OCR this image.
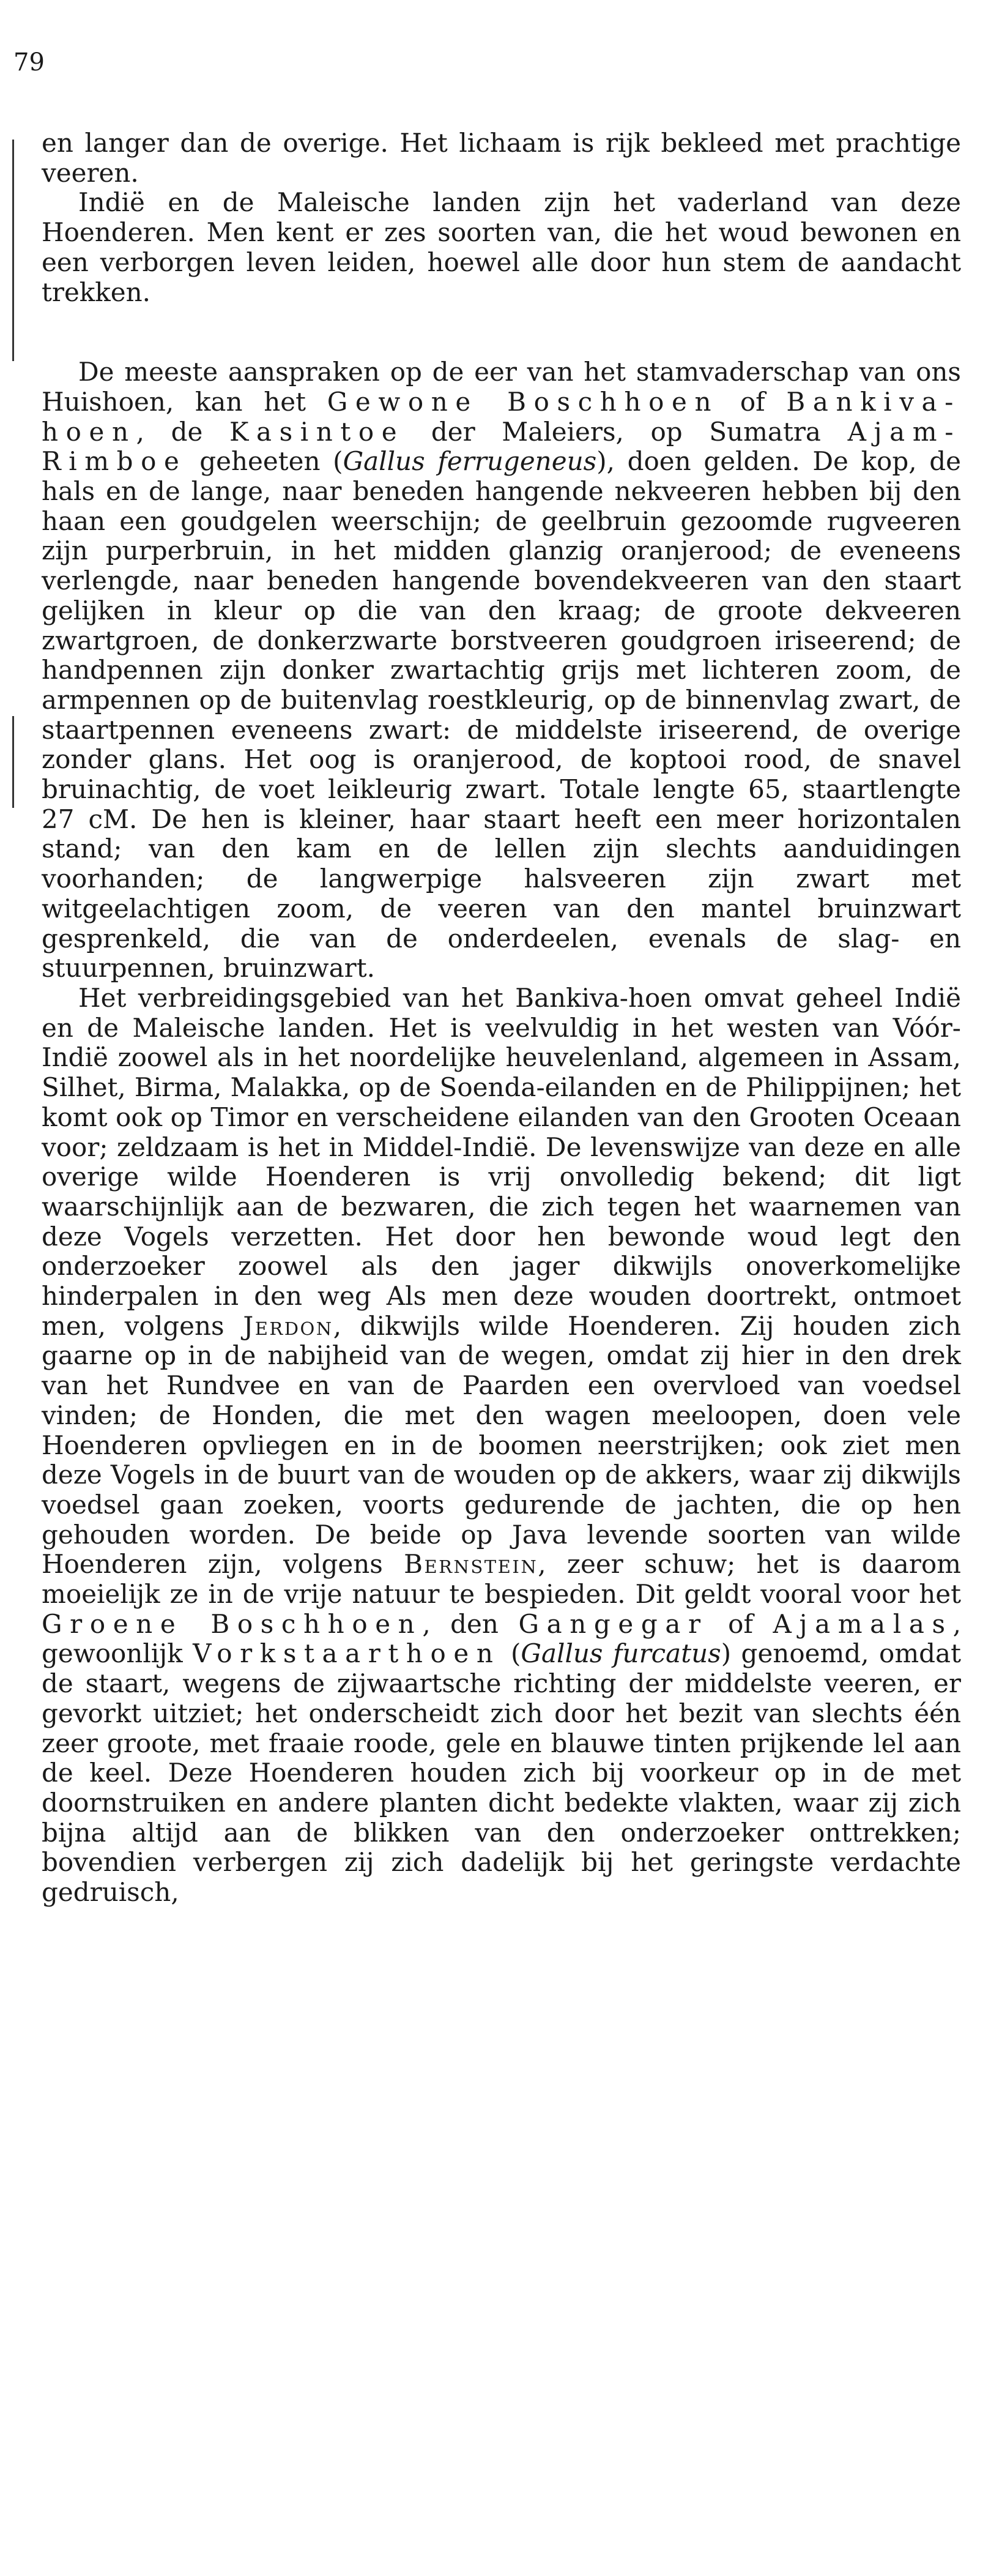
79

en langer dan de overige. Het lichaam is rijk bekleed met prachtige veeren.

Indië en de Maleische landen zijn het vaderland van deze Hoenderen. Men kent er zes soorten van, die het woud bewonen en een verborgen leven leiden, hoewel alle door hun stem de aandacht trekken.

De meeste aanspraken op de eer van het stamvaderschap van ons Huishoen, kan het Gewone Boschhoen of Bankiva-hoen, de Kasintoe der Maleiers, op Sumatra Ajam-Rimboe geheeten (Gallus ferrugeneus), doen gelden. De kop, de hals en de lange, naar beneden hangende nekveeren hebben bij den haan een goudgelen weerschijn; de geelbruin gezoomde rugveeren zijn purperbruin, in het midden glanzig oranjerood; de eveneens verlengde, naar beneden hangende bovendekveeren van den staart gelijken in kleur op die van den kraag; de groote dekveeren zwartgroen, de donkerzwarte borstveeren goudgroen iriseerend; de handpennen zijn donker zwartachtig grijs met lichteren zoom, de armpennen op de buitenvlag roestkleurig, op de binnenvlag zwart, de staartpennen eveneens zwart: de middelste iriseerend, de overige zonder glans. Het oog is oranjerood, de koptooi rood, de snavel bruinachtig, de voet leikleurig zwart. Totale lengte 65, staartlengte 27 cM. De hen is kleiner, haar staart heeft een meer horizontalen stand; van den kam en de lellen zijn slechts aanduidingen voorhanden; de langwerpige halsveeren zijn zwart met witgeelachtigen zoom, de veeren van den mantel bruinzwart gesprenkeld, die van de onderdeelen, evenals de slag- en stuurpennen, bruinzwart.

Het verbreidingsgebied van het Bankiva-hoen omvat geheel Indië en de Maleische landen. Het is veelvuldig in het westen van Vóór-Indië zoowel als in het noordelijke heuvelenland, algemeen in Assam, Silhet, Birma, Malakka, op de Soenda-eilanden en de Philippijnen; het komt ook op Timor en verscheidene eilanden van den Grooten Oceaan voor; zeldzaam is het in Middel-Indië. De levenswijze van deze en alle overige wilde Hoenderen is vrij onvolledig bekend; dit ligt waarschijnlijk aan de bezwaren, die zich tegen het waarnemen van deze Vogels verzetten. Het door hen bewonde woud legt den onderzoeker zoowel als den jager dikwijls onoverkomelijke hinderpalen in den weg Als men deze wouden doortrekt, ontmoet men, volgens Jerdon, dikwijls wilde Hoenderen. Zij houden zich gaarne op in de nabijheid van de wegen, omdat zij hier in den drek van het Rundvee en van de Paarden een overvloed van voedsel vinden; de Honden, die met den wagen meeloopen, doen vele Hoenderen opvliegen en in de boomen neerstrijken; ook ziet men deze Vogels in de buurt van de wouden op de akkers, waar zij dikwijls voedsel gaan zoeken, voorts gedurende de jachten, die op hen gehouden worden. De beide op Java levende soorten van wilde Hoenderen zijn, volgens Bernstein, zeer schuw; het is daarom moeielijk ze in de vrije natuur te bespieden. Dit geldt vooral voor het Groene Boschhoen, den Gangegar of Ajamalas, gewoonlijk Vorkstaarthoen (Gallus furcatus) genoemd, omdat de staart, wegens de zijwaartsche richting der middelste veeren, er gevorkt uitziet; het onderscheidt zich door het bezit van slechts één zeer groote, met fraaie roode, gele en blauwe tinten prijkende lel aan de keel. Deze Hoenderen houden zich bij voorkeur op in de met doornstruiken en andere planten dicht bedekte vlakten, waar zij zich bijna altijd aan de blikken van den onderzoeker onttrekken; bovendien verbergen zij zich dadelijk bij het geringste verdachte gedruisch,
